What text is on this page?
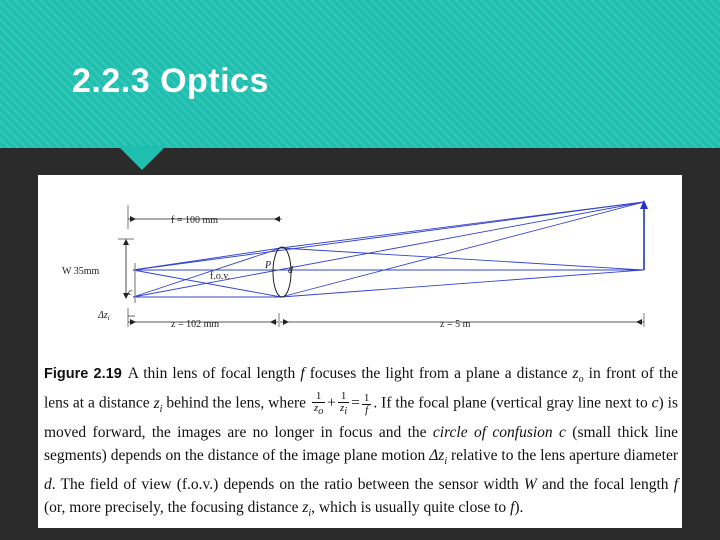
2.2.3 Optics
f = 100 mm
W 35mm	f.o.v.
P d
c
$\Delta z_i$
z = 102 mm	z = 5 m
Figure 2.19 A thin lens of focal length f focuses the light from a plane a distance $z_o$ in front of the lens at a distance $z_i$ behind the lens, where $\frac{1}{z_o} + \frac{1}{z_i} = \frac{1}{f}$ . If the focal plane (vertical gray line next to c) is moved forward, the images are no longer in focus and the circle of confusion c (small thick line segments) depends on the distance of the image plane motion $\Delta z_i$ relative to the lens aperture diameter d. The field of view (f.o.v.) depends on the ratio between the sensor width W and the focal length f (or, more precisely, the focusing distance $z_i$, which is usually quite close to f).
